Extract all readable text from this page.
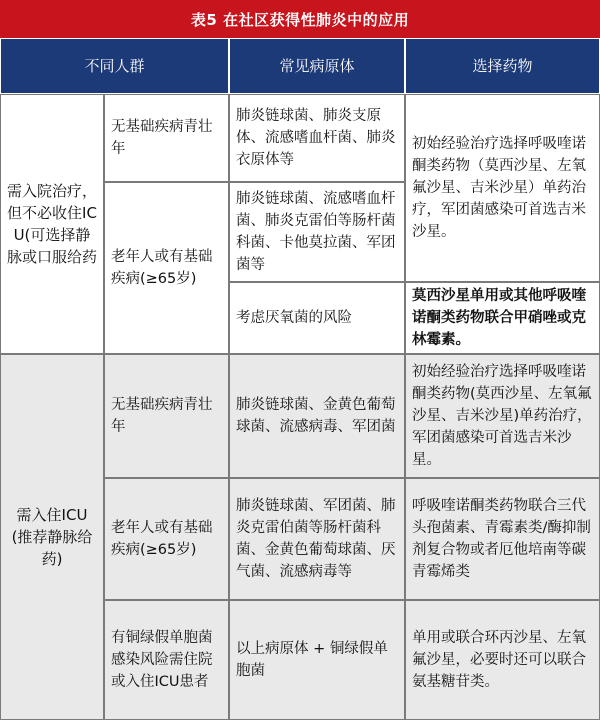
表5 在社区获得性肺炎中的应用
不同人群	常见病原体	选择药物
需入院治疗，但不必收住ICU(可选择静脉或口服给药
无基础疾病青壮年
肺炎链球菌、肺炎支原体、流感嗜血杆菌、肺炎衣原体等
老年人或有基础疾病(≥65岁)
肺炎链球菌、流感嗜血杆菌、肺炎克雷伯等肠杆菌科菌、卡他莫拉菌、军团菌等
初始经验治疗选择呼吸喹诺酮类药物（莫西沙星、左氧氟沙星、吉米沙星）单药治疗，军团菌感染可首选吉米沙星。
考虑厌氧菌的风险
莫西沙星单用或其他呼吸喹诺酮类药物联合甲硝唑或克林霉素。
需入住ICU(推荐静脉给药)
无基础疾病青壮年
肺炎链球菌、金黄色葡萄球菌、流感病毒、军团菌
初始经验治疗选择呼吸喹诺酮类药物(莫西沙星、左氧氟沙星、吉米沙星)单药治疗，军团菌感染可首选吉米沙星。
老年人或有基础疾病(≥65岁)
肺炎链球菌、军团菌、肺炎克雷伯菌等肠杆菌科菌、金黄色葡萄球菌、厌气菌、流感病毒等
呼吸喹诺酮类药物联合三代头孢菌素、青霉素类/酶抑制剂复合物或者厄他培南等碳青霉烯类
有铜绿假单胞菌感染风险需住院或入住ICU患者
以上病原体 + 铜绿假单胞菌
单用或联合环丙沙星、左氧氟沙星，必要时还可以联合氨基糖苷类。
